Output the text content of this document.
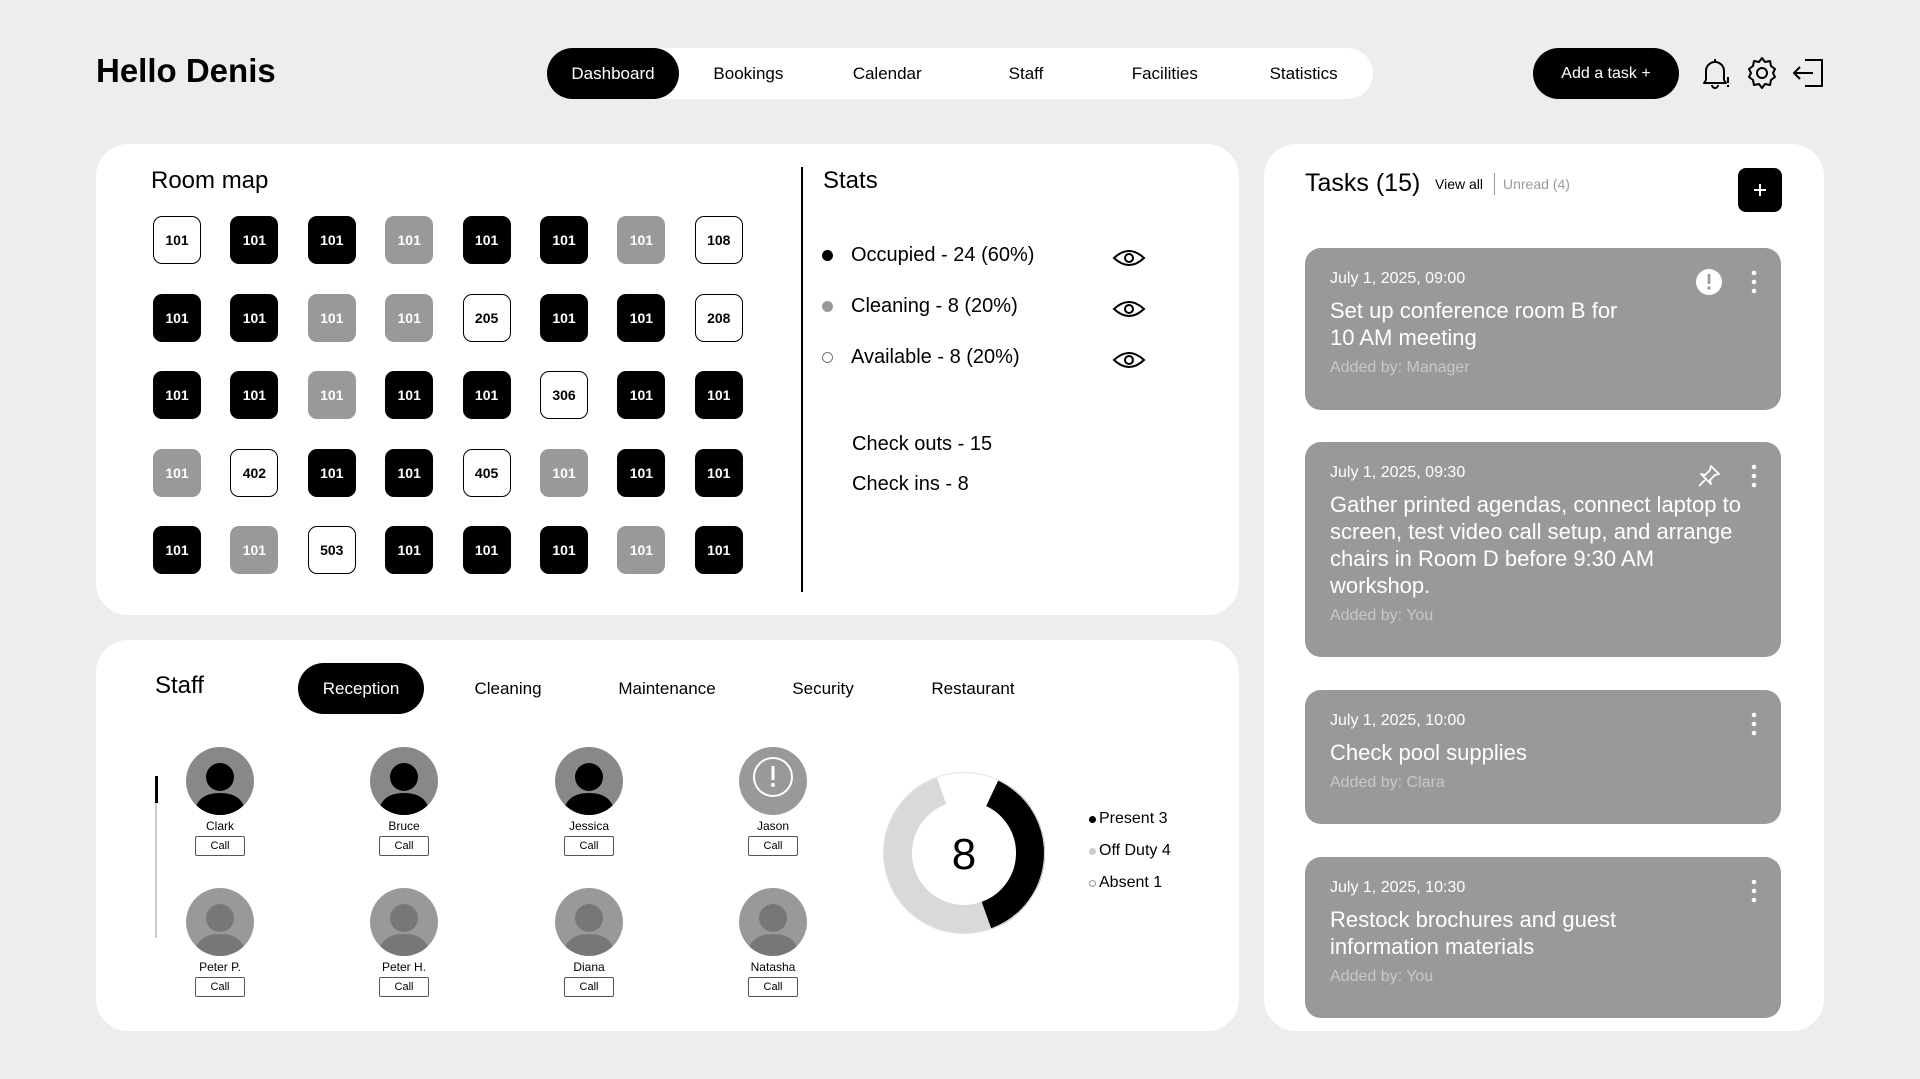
Hello Denis	Dashboard	Bookings	Calendar	Staff	Facilities	Statistics	Add a task +
Room map
101	101	101	101	101	101	101	108
101	101	101	101	205	101	101	208
101	101	101	101	101	306	101	101
101	402	101	101	405	101	101	101
101	101	503	101	101	101	101	101
Stats
Occupied - 24 (60%)
Cleaning - 8 (20%)
Available - 8 (20%)
Check outs - 15
Check ins - 8
Staff	Reception	Cleaning	Maintenance	Security	Restaurant
Clark
Call
Bruce
Call
Jessica
Call
Jason
Call
Peter P.
Call
Peter H.
Call
Diana
Call
Natasha
Call
8
Present 3
Off Duty 4
Absent 1
Tasks (15) View all Unread (4)
July 1, 2025, 09:00
Set up conference room B for 10 AM meeting
Added by: Manager
July 1, 2025, 09:30
Gather printed agendas, connect laptop to screen, test video call setup, and arrange chairs in Room D before 9:30 AM workshop.
Added by: You
July 1, 2025, 10:00
Check pool supplies
Added by: Clara
July 1, 2025, 10:30
Restock brochures and guest information materials
Added by: You
